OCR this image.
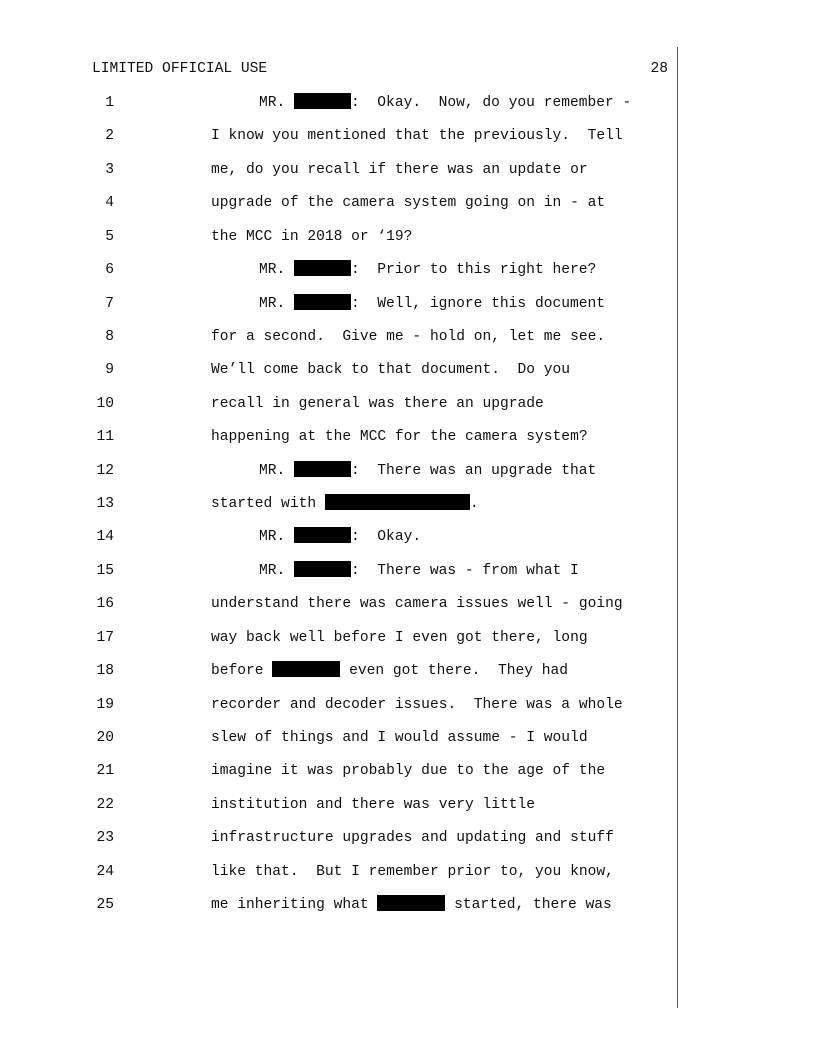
LIMITED OFFICIAL USE	28
1	MR.	:  Okay.  Now, do you remember -
2	I know you mentioned that the previously.  Tell
3	me, do you recall if there was an update or
4	upgrade of the camera system going on in - at
5	the MCC in 2018 or ‘19?
6	MR.	:  Prior to this right here?
7	MR.	:  Well, ignore this document
8	for a second.  Give me - hold on, let me see.
9	We’ll come back to that document.  Do you
10	recall in general was there an upgrade
11	happening at the MCC for the camera system?
12	MR.	:  There was an upgrade that
13	started with	.
14	MR.	:  Okay.
15	MR.	:  There was - from what I
16	understand there was camera issues well - going
17	way back well before I even got there, long
18	before	even got there.  They had
19	recorder and decoder issues.  There was a whole
20	slew of things and I would assume - I would
21	imagine it was probably due to the age of the
22	institution and there was very little
23	infrastructure upgrades and updating and stuff
24	like that.  But I remember prior to, you know,
25	me inheriting what	started, there was
